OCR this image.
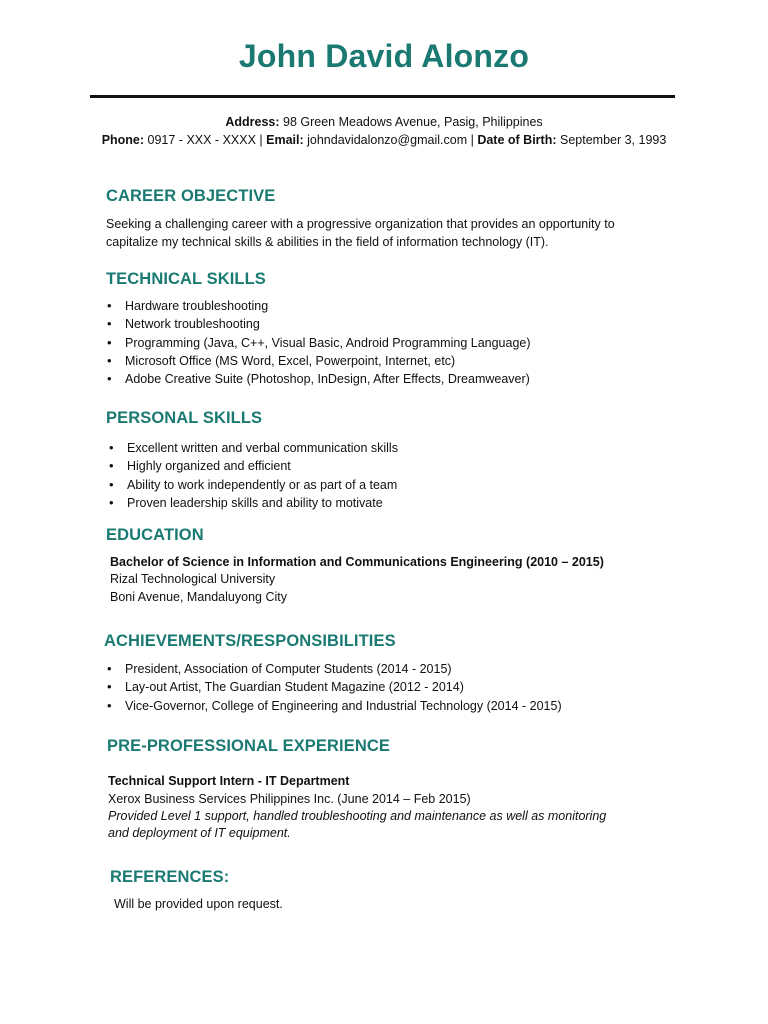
John David Alonzo
Address: 98 Green Meadows Avenue, Pasig, Philippines
Phone: 0917 - XXX - XXXX | Email: johndavidalonzo@gmail.com | Date of Birth: September 3, 1993
CAREER OBJECTIVE
Seeking a challenging career with a progressive organization that provides an opportunity to
capitalize my technical skills & abilities in the field of information technology (IT).
TECHNICAL SKILLS
• Hardware troubleshooting
• Network troubleshooting
• Programming (Java, C++, Visual Basic, Android Programming Language)
• Microsoft Office (MS Word, Excel, Powerpoint, Internet, etc)
• Adobe Creative Suite (Photoshop, InDesign, After Effects, Dreamweaver)
PERSONAL SKILLS
• Excellent written and verbal communication skills
• Highly organized and efficient
• Ability to work independently or as part of a team
• Proven leadership skills and ability to motivate
EDUCATION
Bachelor of Science in Information and Communications Engineering (2010 – 2015)
Rizal Technological University
Boni Avenue, Mandaluyong City
ACHIEVEMENTS/RESPONSIBILITIES
• President, Association of Computer Students (2014 - 2015)
• Lay-out Artist, The Guardian Student Magazine (2012 - 2014)
• Vice-Governor, College of Engineering and Industrial Technology (2014 - 2015)
PRE-PROFESSIONAL EXPERIENCE
Technical Support Intern - IT Department
Xerox Business Services Philippines Inc. (June 2014 – Feb 2015)
Provided Level 1 support, handled troubleshooting and maintenance as well as monitoring
and deployment of IT equipment.
REFERENCES:
Will be provided upon request.
